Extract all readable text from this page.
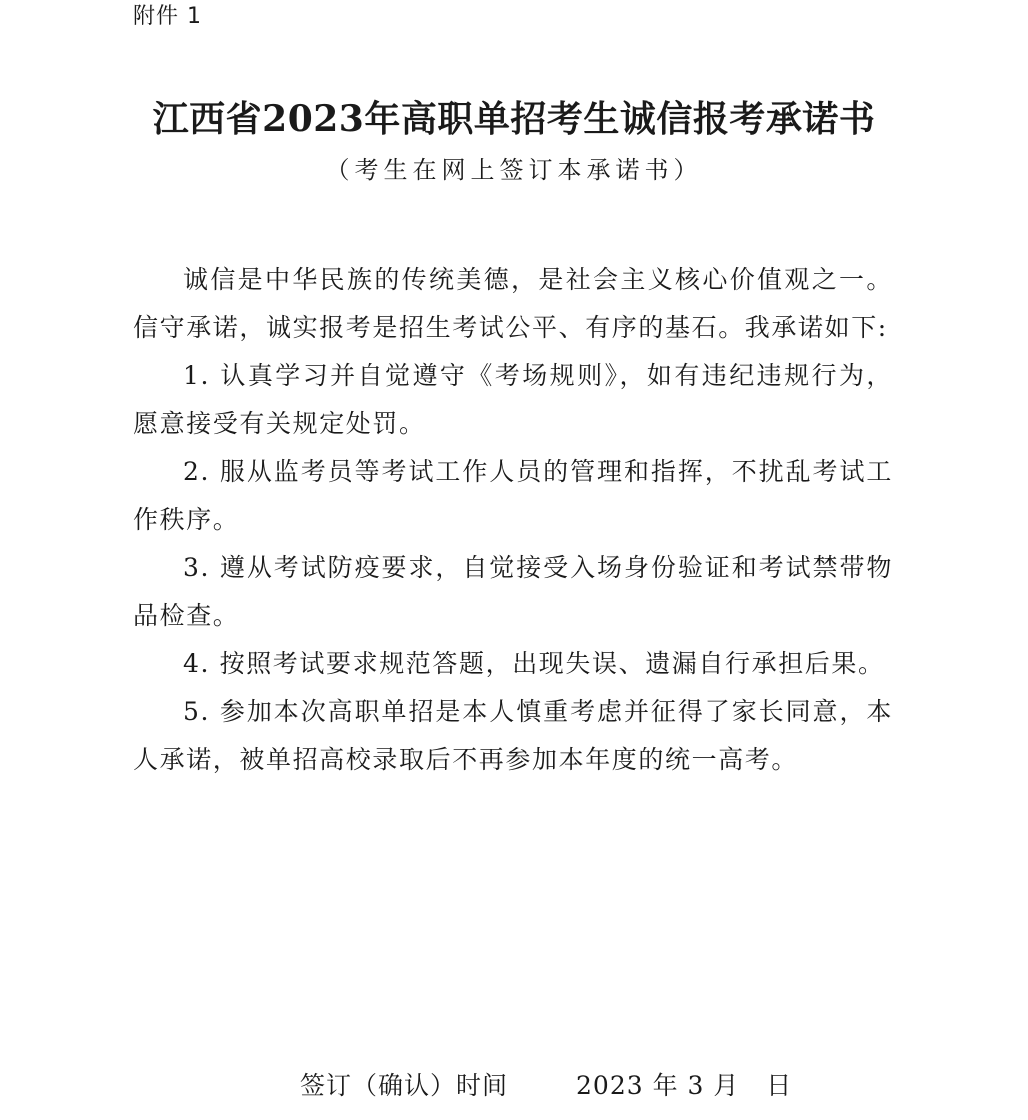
附件 1
江西省2023年高职单招考生诚信报考承诺书
（考生在网上签订本承诺书）

诚信是中华民族的传统美德，是社会主义核心价值观之一。信守承诺，诚实报考是招生考试公平、有序的基石。我承诺如下:

1. 认真学习并自觉遵守《考场规则》，如有违纪违规行为，愿意接受有关规定处罚。

2. 服从监考员等考试工作人员的管理和指挥，不扰乱考试工作秩序。

3. 遵从考试防疫要求，自觉接受入场身份验证和考试禁带物品检查。

4. 按照考试要求规范答题，出现失误、遗漏自行承担后果。

5. 参加本次高职单招是本人慎重考虑并征得了家长同意，本人承诺，被单招高校录取后不再参加本年度的统一高考。

签订（确认）时间	2023 年 3 月   日
